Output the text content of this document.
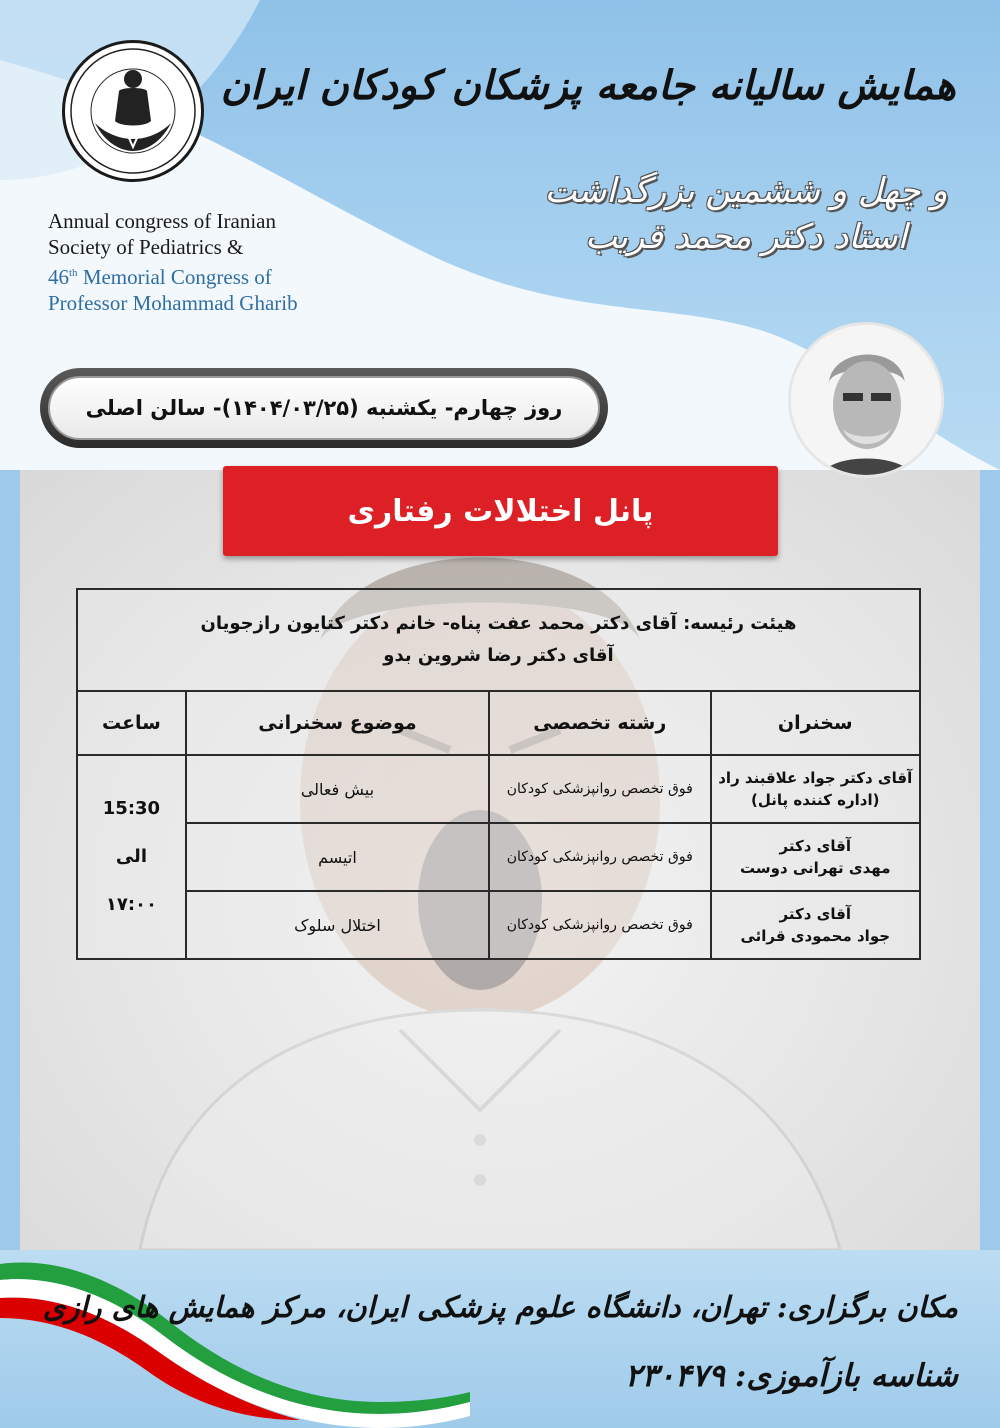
Annual congress of Iranian
Society of Pediatrics &
46th Memorial Congress of
Professor Mohammad Gharib
همایش سالیانه جامعه پزشکان کودکان ایران
و چهل و ششمین بزرگداشت
استاد دکتر محمد قریب
روز چهارم- یکشنبه (۱۴۰۴/۰۳/۲۵)- سالن اصلی
پانل اختلالات رفتاری
هیئت رئیسه: آقای دکتر محمد عفت پناه- خانم دکتر کتایون رازجویان
آقای دکتر رضا شروین بدو			

سخنران	رشته تخصصی	موضوع سخنرانی	ساعت

آقای دکتر جواد علاقبند راد
(اداره کننده پانل)	فوق تخصص روانپزشکی کودکان	بیش فعالی	15:30
الی
۱۷:۰۰

آقای دکتر
مهدی تهرانی دوست	فوق تخصص روانپزشکی کودکان	اتیسم	

آقای دکتر
جواد محمودی قرائی	فوق تخصص روانپزشکی کودکان	اختلال سلوک	
مکان برگزاری: تهران، دانشگاه علوم پزشکی ایران، مرکز همایش های رازی
شناسه بازآموزی:۲۳۰۴۷۹
